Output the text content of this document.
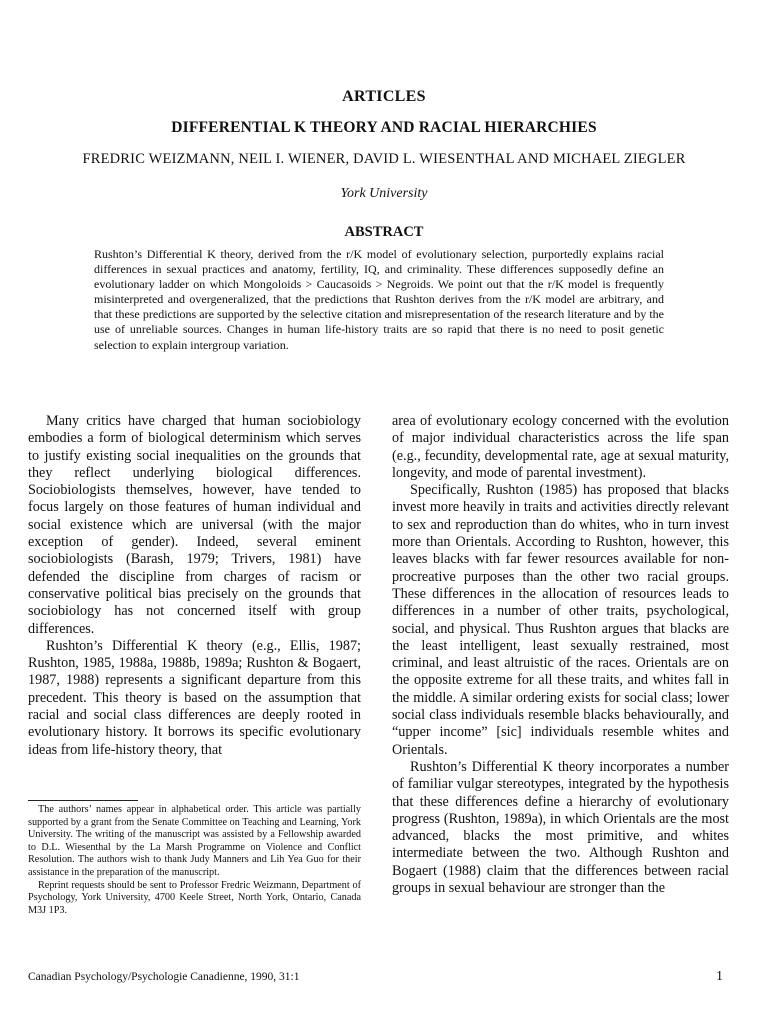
ARTICLES
DIFFERENTIAL K THEORY AND RACIAL HIERARCHIES
FREDRIC WEIZMANN, NEIL I. WIENER, DAVID L. WIESENTHAL AND MICHAEL ZIEGLER
York University
ABSTRACT
Rushton’s Differential K theory, derived from the r/K model of evolutionary selection, purportedly explains racial differences in sexual practices and anatomy, fertility, IQ, and criminality. These differences supposedly define an evolutionary ladder on which Mongoloids > Caucasoids > Negroids. We point out that the r/K model is frequently misinterpreted and overgeneralized, that the predictions that Rushton derives from the r/K model are arbitrary, and that these predictions are supported by the selective citation and misrepresentation of the research literature and by the use of unreliable sources. Changes in human life-history traits are so rapid that there is no need to posit genetic selection to explain intergroup variation.

Many critics have charged that human sociobiology embodies a form of biological determinism which serves to justify existing social inequalities on the grounds that they reflect underlying biological differences. Sociobiologists themselves, however, have tended to focus largely on those features of human individual and social existence which are universal (with the major exception of gender). Indeed, several eminent sociobiologists (Barash, 1979; Trivers, 1981) have defended the discipline from charges of racism or conservative political bias precisely on the grounds that sociobiology has not concerned itself with group differences.

Rushton’s Differential K theory (e.g., Ellis, 1987; Rushton, 1985, 1988a, 1988b, 1989a; Rushton & Bogaert, 1987, 1988) represents a significant departure from this precedent. This theory is based on the assumption that racial and social class differences are deeply rooted in evolutionary history. It borrows its specific evolutionary ideas from life-history theory, that

area of evolutionary ecology concerned with the evolution of major individual characteristics across the life span (e.g., fecundity, developmental rate, age at sexual maturity, longevity, and mode of parental investment).

Specifically, Rushton (1985) has proposed that blacks invest more heavily in traits and activities directly relevant to sex and reproduction than do whites, who in turn invest more than Orientals. According to Rushton, however, this leaves blacks with far fewer resources available for non-procreative purposes than the other two racial groups. These differences in the allocation of resources leads to differences in a number of other traits, psychological, social, and physical. Thus Rushton argues that blacks are the least intelligent, least sexually restrained, most criminal, and least altruistic of the races. Orientals are on the opposite extreme for all these traits, and whites fall in the middle. A similar ordering exists for social class; lower social class individuals resemble blacks behaviourally, and “upper income” [sic] individuals resemble whites and Orientals.

Rushton’s Differential K theory incorporates a number of familiar vulgar stereotypes, integrated by the hypothesis that these differences define a hierarchy of evolutionary progress (Rushton, 1989a), in which Orientals are the most advanced, blacks the most primitive, and whites intermediate between the two. Although Rushton and Bogaert (1988) claim that the differences between racial groups in sexual behaviour are stronger than the

The authors’ names appear in alphabetical order. This article was partially supported by a grant from the Senate Committee on Teaching and Learning, York University. The writing of the manuscript was assisted by a Fellowship awarded to D.L. Wiesenthal by the La Marsh Programme on Violence and Conflict Resolution. The authors wish to thank Judy Manners and Lih Yea Guo for their assistance in the preparation of the manuscript.

Reprint requests should be sent to Professor Fredric Weizmann, Department of Psychology, York University, 4700 Keele Street, North York, Ontario, Canada M3J 1P3.

Canadian Psychology/Psychologie Canadienne, 1990, 31:1	1
